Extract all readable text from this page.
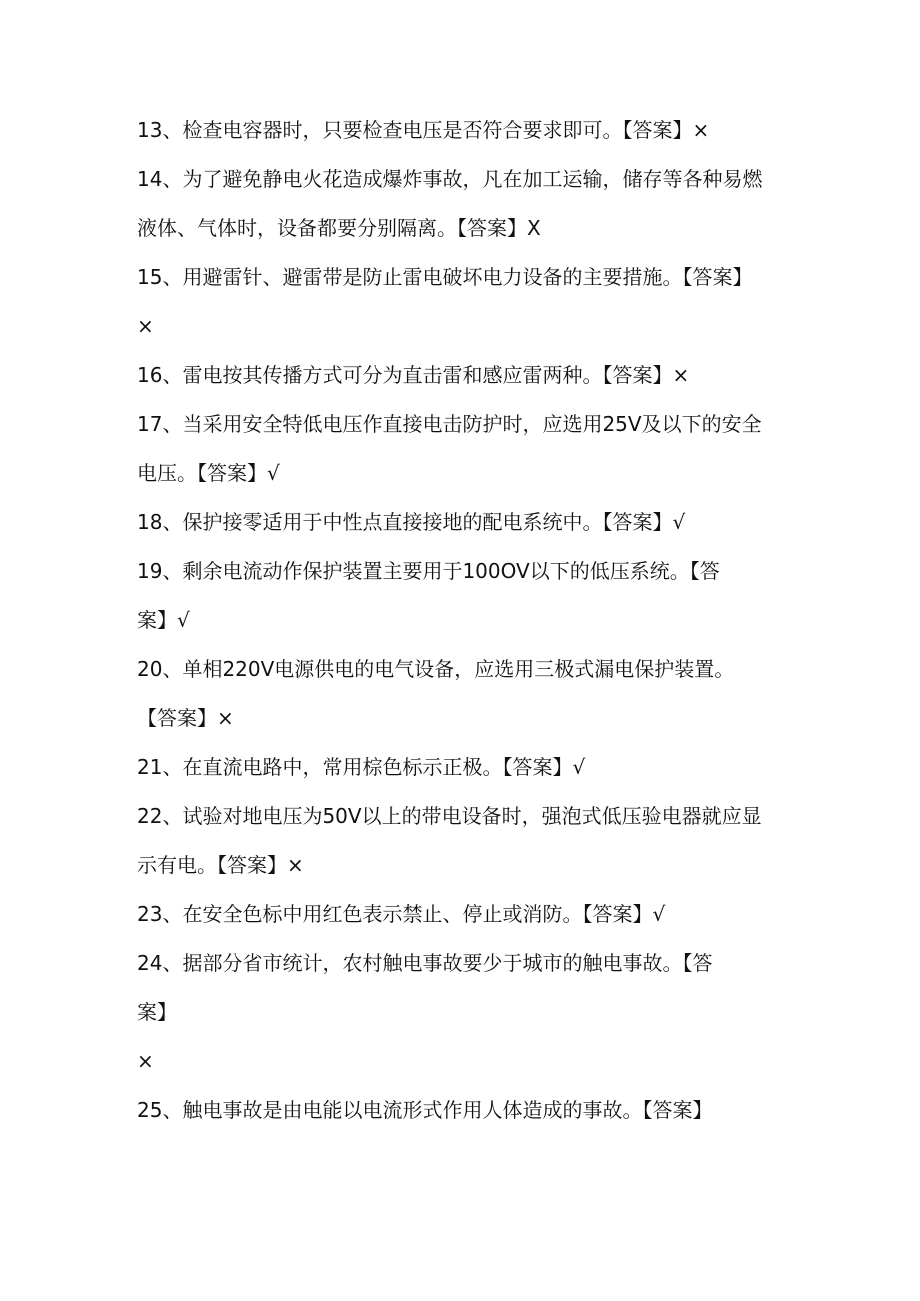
13、检查电容器时，只要检查电压是否符合要求即可。【答案】×
14、为了避免静电火花造成爆炸事故，凡在加工运输，储存等各种易燃
液体、气体时，设备都要分别隔离。【答案】X
15、用避雷针、避雷带是防止雷电破坏电力设备的主要措施。【答案】
×
16、雷电按其传播方式可分为直击雷和感应雷两种。【答案】×
17、当采用安全特低电压作直接电击防护时，应选用25V及以下的安全
电压。【答案】√
18、保护接零适用于中性点直接接地的配电系统中。【答案】√
19、剩余电流动作保护装置主要用于100OV以下的低压系统。【答
案】√
20、单相220V电源供电的电气设备，应选用三极式漏电保护装置。
【答案】×
21、在直流电路中，常用棕色标示正极。【答案】√
22、试验对地电压为50V以上的带电设备时，强泡式低压验电器就应显
示有电。【答案】×
23、在安全色标中用红色表示禁止、停止或消防。【答案】√
24、据部分省市统计，农村触电事故要少于城市的触电事故。【答
案】
×
25、触电事故是由电能以电流形式作用人体造成的事故。【答案】
